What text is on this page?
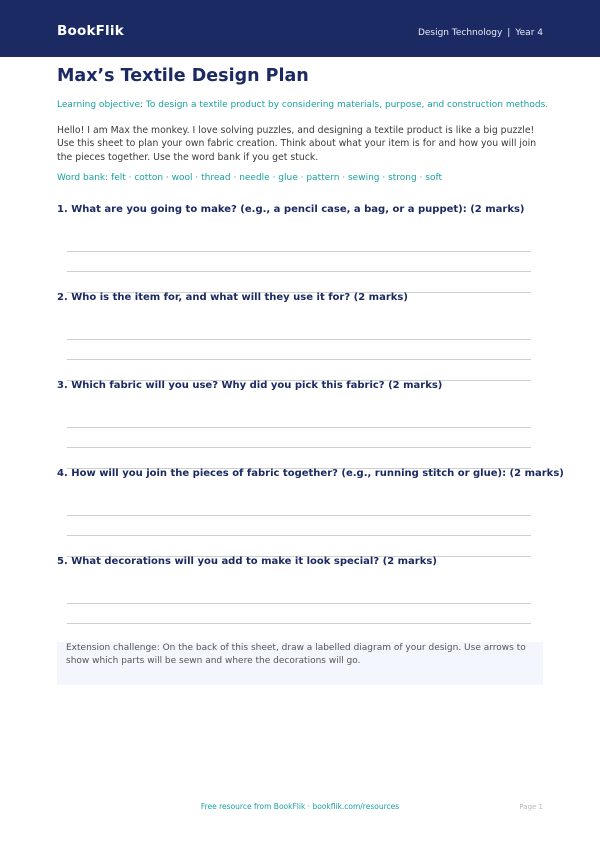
BookFlik	Design Technology | Year 4
Max’s Textile Design Plan
Learning objective: To design a textile product by considering materials, purpose, and construction methods.
Hello! I am Max the monkey. I love solving puzzles, and designing a textile product is like a big puzzle! Use this sheet to plan your own fabric creation. Think about what your item is for and how you will join the pieces together. Use the word bank if you get stuck.
Word bank: felt · cotton · wool · thread · needle · glue · pattern · sewing · strong · soft
1. What are you going to make? (e.g., a pencil case, a bag, or a puppet): (2 marks)
2. Who is the item for, and what will they use it for? (2 marks)
3. Which fabric will you use? Why did you pick this fabric? (2 marks)
4. How will you join the pieces of fabric together? (e.g., running stitch or glue): (2 marks)
5. What decorations will you add to make it look special? (2 marks)
Extension challenge: On the back of this sheet, draw a labelled diagram of your design. Use arrows to show which parts will be sewn and where the decorations will go.
Free resource from BookFlik · bookflik.com/resources	Page 1
